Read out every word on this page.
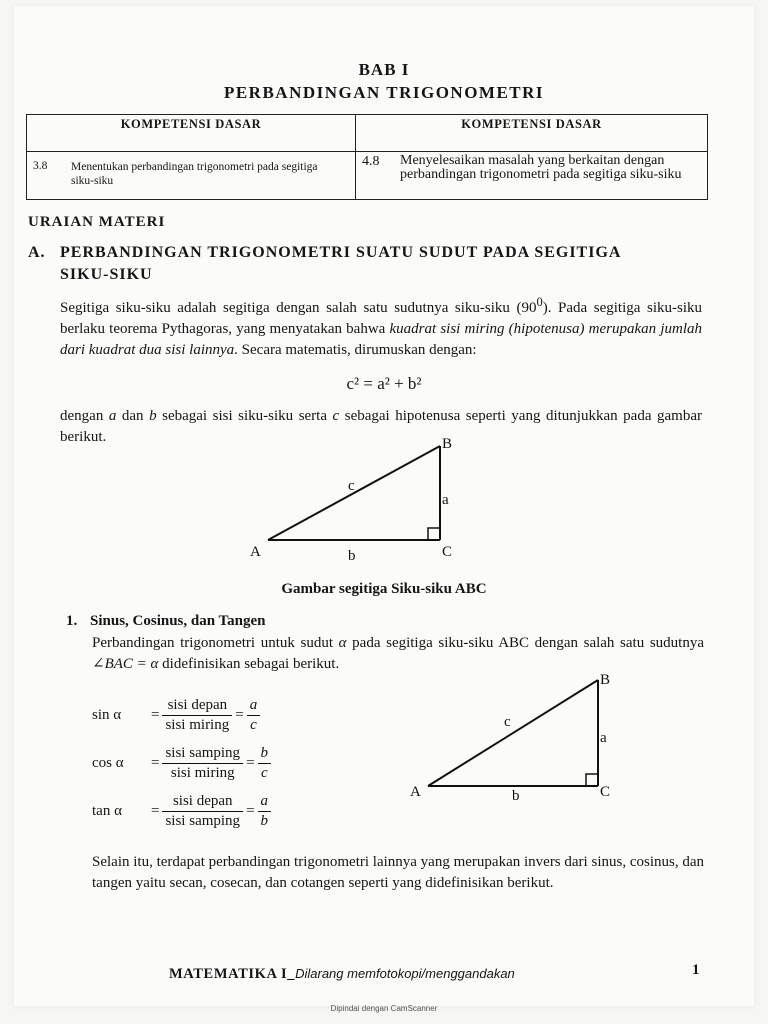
BAB I
PERBANDINGAN TRIGONOMETRI
KOMPETENSI DASAR	KOMPETENSI DASAR
3.8 Menentukan perbandingan trigonometri pada segitiga siku-siku	4.8 Menyelesaikan masalah yang berkaitan dengan perbandingan trigonometri pada segitiga siku-siku
URAIAN MATERI
A. PERBANDINGAN TRIGONOMETRI SUATU SUDUT PADA SEGITIGA
SIKU-SIKU
Segitiga siku-siku adalah segitiga dengan salah satu sudutnya siku-siku $(90^0)$. Pada segitiga siku-siku berlaku teorema Pythagoras, yang menyatakan bahwa kuadrat sisi miring (hipotenusa) merupakan jumlah dari kuadrat dua sisi lainnya. Secara matematis, dirumuskan dengan:
c² = a² + b²
dengan a dan b sebagai sisi siku-siku serta c sebagai hipotenusa seperti yang ditunjukkan pada gambar berikut.
A
B
C
a
b
c
Gambar segitiga Siku-siku ABC
1. Sinus, Cosinus, dan Tangen
Perbandingan trigonometri untuk sudut α pada segitiga siku-siku ABC dengan salah satu sudutnya ∠BAC = α didefinisikan sebagai berikut.
$\sin \alpha = \frac{\text{sisi depan}}{\text{sisi miring}} = \frac{a}{c}$
$\cos \alpha = \frac{\text{sisi samping}}{\text{sisi miring}} = \frac{b}{c}$
$\tan \alpha = \frac{\text{sisi depan}}{\text{sisi samping}} = \frac{a}{b}$	A
B
C
a
b
c
Selain itu, terdapat perbandingan trigonometri lainnya yang merupakan invers dari sinus, cosinus, dan tangen yaitu secan, cosecan, dan cotangen seperti yang didefinisikan berikut.
MATEMATIKA I_Dilarang memfotokopi/menggandakan	1
Dipindai dengan CamScanner
